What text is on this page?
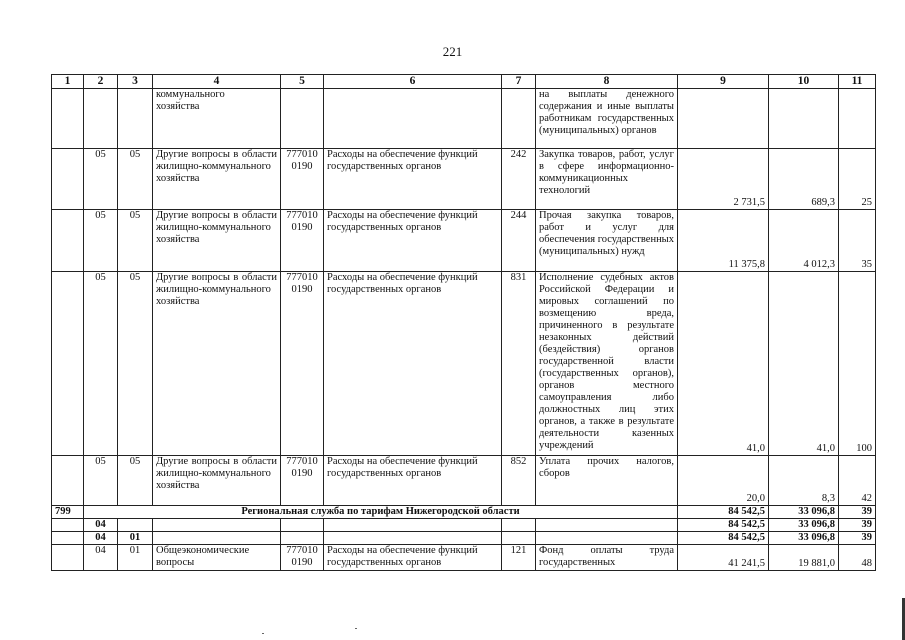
221
1	2	3	4	5	6	7	8	9	10	11
			коммунального хозяйства				на выплаты денежного содержания и иные выплаты работникам государственных (муниципальных) органов			
	05	05	Другие вопросы в области жилищно-коммунального хозяйства	777010 0190	Расходы на обеспечение функций государственных органов	242	Закупка товаров, работ, услуг в сфере информационно-коммуникационных технологий	2 731,5	689,3	25
	05	05	Другие вопросы в области жилищно-коммунального хозяйства	777010 0190	Расходы на обеспечение функций государственных органов	244	Прочая закупка товаров, работ и услуг для обеспечения государственных (муниципальных) нужд	11 375,8	4 012,3	35
	05	05	Другие вопросы в области жилищно-коммунального хозяйства	777010 0190	Расходы на обеспечение функций государственных органов	831	Исполнение судебных актов Российской Федерации и мировых соглашений по возмещению вреда, причиненного в результате незаконных действий (бездействия) органов государственной власти (государственных органов), органов местного самоуправления либо должностных лиц этих органов, а также в результате деятельности казенных учреждений	41,0	41,0	100
	05	05	Другие вопросы в области жилищно-коммунального хозяйства	777010 0190	Расходы на обеспечение функций государственных органов	852	Уплата прочих налогов, сборов	20,0	8,3	42
799	Региональная служба по тарифам Нижегородской области							84 542,5	33 096,8	39
	04							84 542,5	33 096,8	39
	04	01						84 542,5	33 096,8	39
	04	01	Общеэкономические вопросы	777010 0190	Расходы на обеспечение функций государственных органов	121	Фонд оплаты труда государственных	41 241,5	19 881,0	48
